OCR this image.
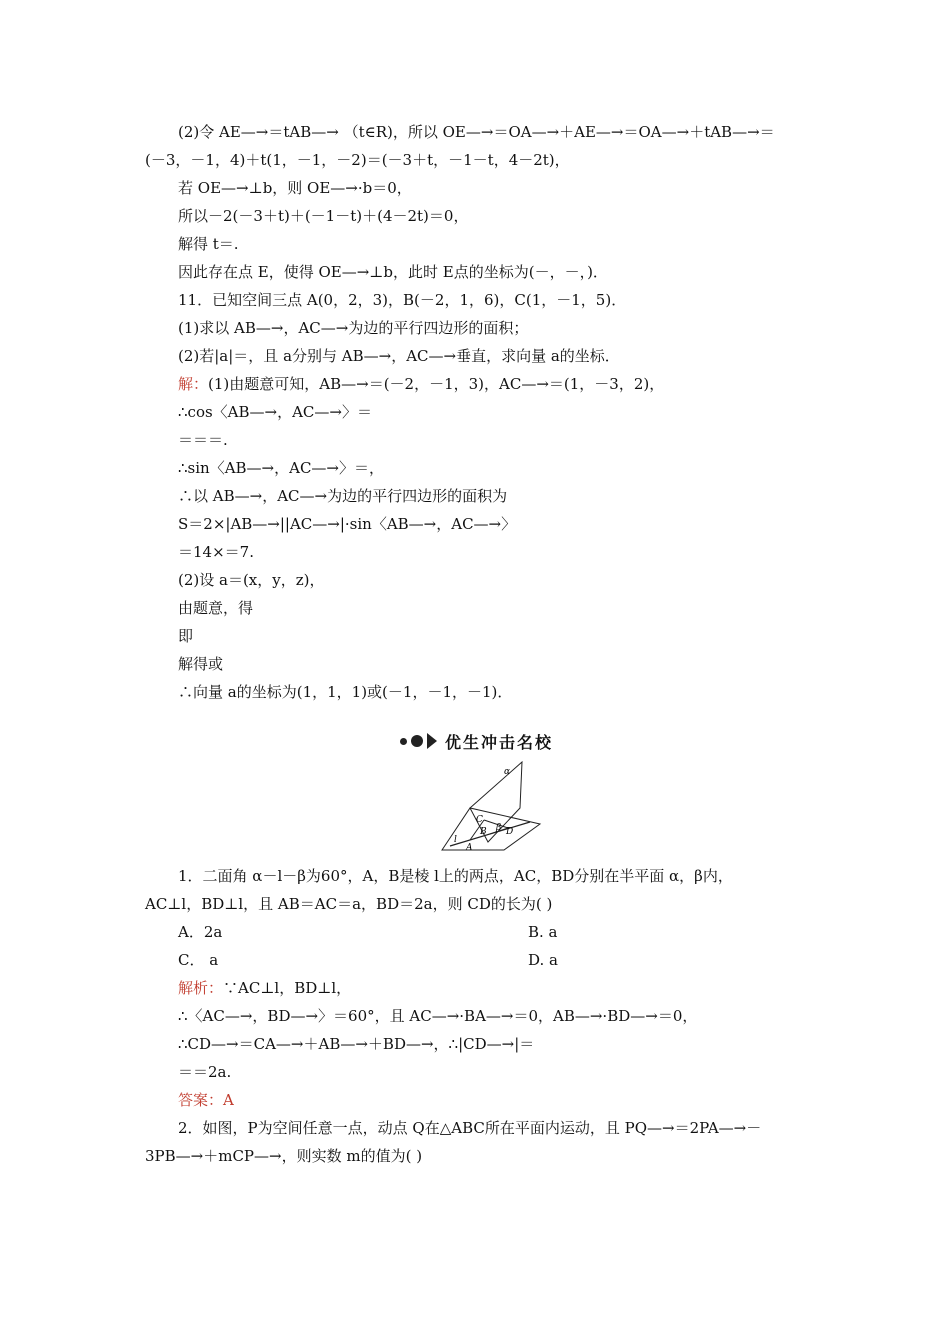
(2)令 AE—→＝tAB—→ （t∈R)，所以 OE—→＝OA—→＋AE—→＝OA—→＋tAB—→＝
(－3，－1，4)＋t(1，－1，－2)＝(－3＋t，－1－t，4－2t)，
若 OE—→⊥b，则 OE—→·b＝0，
所以－2(－3＋t)＋(－1－t)＋(4－2t)＝0，
解得 t＝.
因此存在点 E，使得 OE—→⊥b，此时 E点的坐标为(－，－，)．
11．已知空间三点 A(0，2，3)，B(－2，1，6)，C(1，－1，5)．
(1)求以 AB—→，AC—→为边的平行四边形的面积；
(2)若|a|＝，且 a分别与 AB—→，AC—→垂直，求向量 a的坐标．
解：(1)由题意可知，AB—→＝(－2，－1，3)，AC—→＝(1，－3，2)，
∴cos〈AB—→，AC—→〉＝
＝＝＝.
∴sin〈AB—→，AC—→〉＝，
∴以 AB—→，AC—→为边的平行四边形的面积为
S＝2×|AB—→||AC—→|·sin〈AB—→，AC—→〉
＝14×＝7.
(2)设 a＝(x，y，z)，
由题意，得
即
解得或
∴向量 a的坐标为(1，1，1)或(－1，－1，－1)．
优生冲击名校
α
C
β
B D
l
A
1．二面角 α－l－β为60°，A，B是棱 l上的两点，AC，BD分别在半平面 α，β内，
AC⊥l，BD⊥l，且 AB＝AC＝a，BD＝2a，则 CD的长为( )
A．2a	B. a
C． a	D. a
解析：∵AC⊥l，BD⊥l，
∴〈AC—→，BD—→〉＝60°，且 AC—→·BA—→＝0，AB—→·BD—→＝0，
∴CD—→＝CA—→＋AB—→＋BD—→，∴|CD—→|＝
＝＝2a.
答案：A
2．如图，P为空间任意一点，动点 Q在△ABC所在平面内运动，且 PQ—→＝2PA—→－
3PB—→＋mCP—→，则实数 m的值为( )
